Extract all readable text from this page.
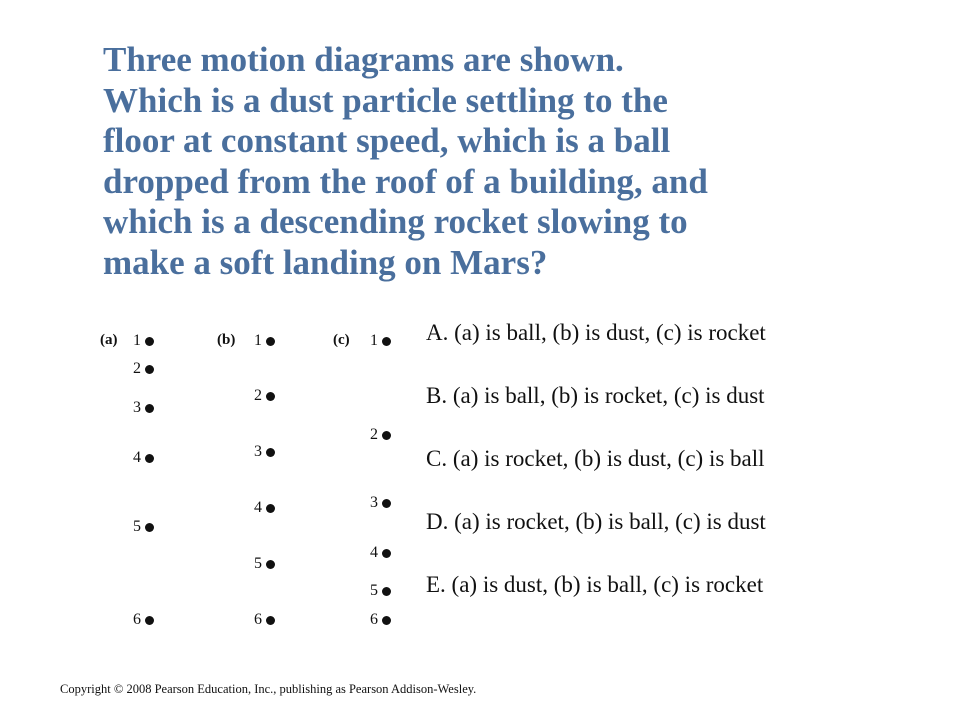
Three motion diagrams are shown.
Which is a dust particle settling to the
floor at constant speed, which is a ball
dropped from the roof of a building, and
which is a descending rocket slowing to
make a soft landing on Mars?
(a) 1
2
3
4
5
6
(b)	1
2
3
4
5
6
(c)	1
2
3
4
5
6
A. (a) is ball, (b) is dust, (c) is rocket
B. (a) is ball, (b) is rocket, (c) is dust
C. (a) is rocket, (b) is dust, (c) is ball
D. (a) is rocket, (b) is ball, (c) is dust
E. (a) is dust, (b) is ball, (c) is rocket
Copyright © 2008 Pearson Education, Inc., publishing as Pearson Addison-Wesley.
